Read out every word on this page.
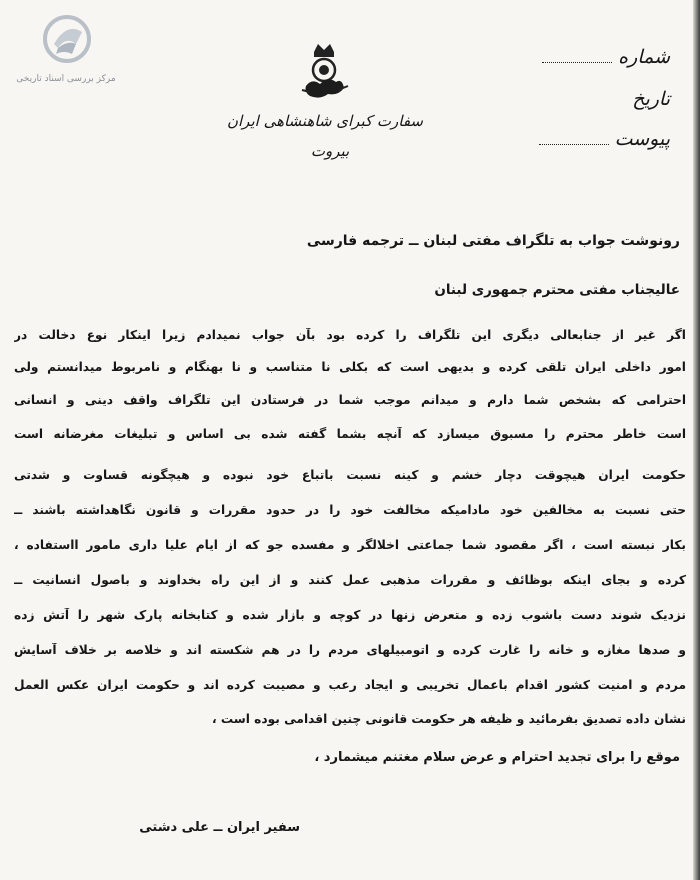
مرکز بررسی اسناد تاریخی
سفارت کبرای شاهنشاهی ایران
بیروت
شماره
تاریخ
پیوست
رونوشت جواب به تلگراف مفتی لبنان ــ ترجمه فارسی
عالیجناب مفتی محترم جمهوری لبنان
اگر غیر از جنابعالی دیگری این تلگراف را کرده بود بآن جواب نمیدادم زیرا اینکار نوع دخالت در
امور داخلی ایران تلقی کرده و بدیهی است که بکلی نا متناسب و نا بهنگام و نامربوط میدانستم ولی
احترامی که بشخص شما دارم و میدانم موجب شما در فرستادن این تلگراف واقف دینی و انسانی
است خاطر محترم را مسبوق میسازد که آنچه بشما گفته شده بی اساس و تبلیغات مغرضانه است
حکومت ایران هیچوقت دچار خشم و کینه نسبت باتباع خود نبوده و هیچگونه قساوت و شدتی
حتی نسبت به مخالفین خود مادامیکه مخالفت خود را در حدود مقررات و قانون نگاهداشته باشند ــ
بکار نبسته است ، اگر مقصود شما جماعتی اخلالگر و مفسده جو که از ایام علیا داری مامور ااستفاده ،
کرده و بجای اینکه بوظائف و مقررات مذهبی عمل کنند و از این راه بخداوند و باصول انسانیت ــ
نزدیک شوند دست باشوب زده و متعرض زنها در کوچه و بازار شده و کتابخانه پارک شهر را آتش زده
و صدها مغازه و خانه را غارت کرده و اتومبیلهای مردم را در هم شکسته اند و خلاصه بر خلاف آسایش
مردم و امنیت کشور اقدام باعمال تخریبی و ایجاد رعب و مصیبت کرده اند و حکومت ایران عکس العمل
نشان داده تصدیق بفرمائید و ظیفه هر حکومت قانونی چنین اقدامی بوده است ،
موقع را برای تجدید احترام و عرض سلام مغتنم میشمارد ،
سفیر ایران ــ علی دشتی
